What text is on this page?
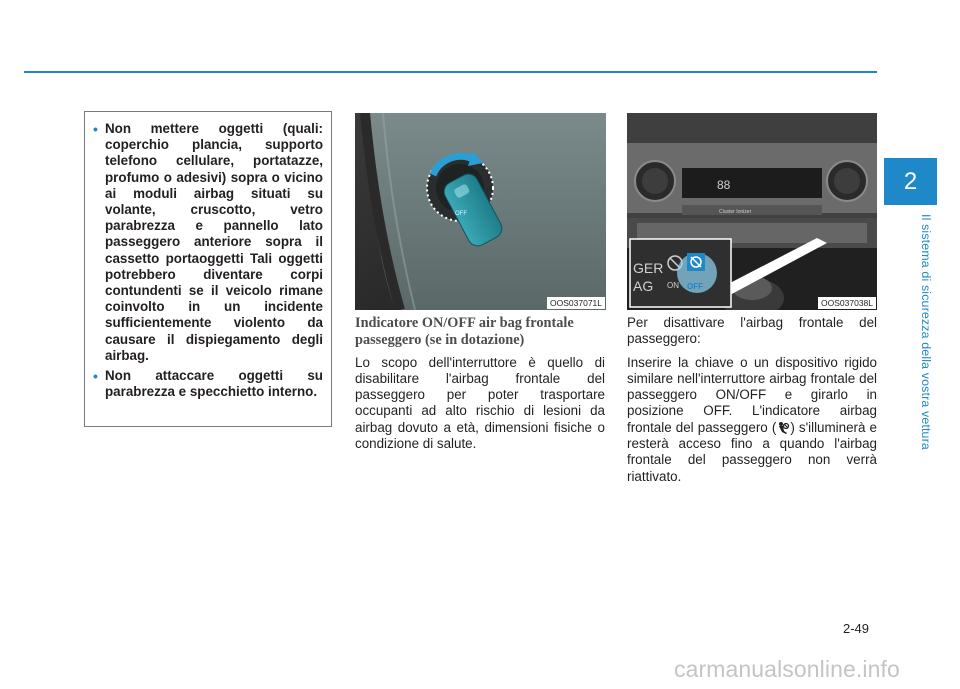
2
Il sistema di sicurezza della vostra vettura
• Non mettere oggetti (quali: coperchio plancia, supporto telefono cellulare, portatazze, profumo o adesivi) sopra o vicino ai moduli airbag situati su volante, cruscotto, vetro parabrezza e pannello lato passeggero anteriore sopra il cassetto portaoggetti Tali oggetti potrebbero diventare corpi contundenti se il veicolo rimane coinvolto in un incidente sufficientemente violento da causare il dispiegamento degli airbag.
• Non attaccare oggetti su parabrezza e specchietto interno.
OFF
OOS037071L
88
Cluster Ionizer
GER
AG ON OFF
OOS037038L
Indicatore ON/OFF air bag frontale passeggero (se in dotazione)

Lo scopo dell'interruttore è quello di disabilitare l'airbag frontale del passeggero per poter trasportare occupanti ad alto rischio di lesioni da airbag dovuto a età, dimensioni fisiche o condizione di salute.

Per disattivare l'airbag frontale del passeggero:

Inserire la chiave o un dispositivo rigido similare nell'interruttore airbag frontale del passeggero ON/OFF e girarlo in posizione OFF. L'indicatore airbag frontale del passeggero ( ) s'illuminerà e resterà acceso fino a quando l'airbag frontale del passeggero non verrà riattivato.

2-49
carmanualsonline.info
